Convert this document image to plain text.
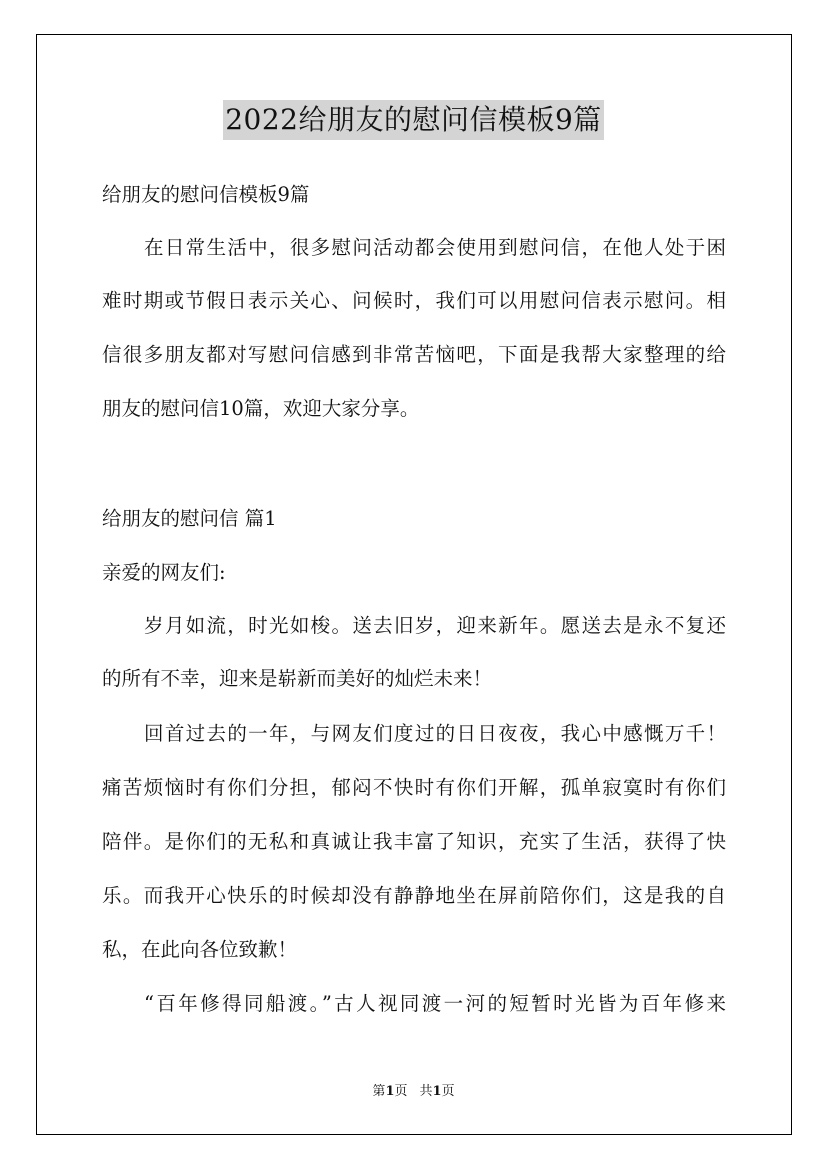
2022给朋友的慰问信模板9篇
给朋友的慰问信模板9篇
在日常生活中，很多慰问活动都会使用到慰问信，在他人处于困
难时期或节假日表示关心、问候时，我们可以用慰问信表示慰问。相
信很多朋友都对写慰问信感到非常苦恼吧，下面是我帮大家整理的给
朋友的慰问信10篇，欢迎大家分享。
给朋友的慰问信 篇1
亲爱的网友们:
岁月如流，时光如梭。送去旧岁，迎来新年。愿送去是永不复还
的所有不幸，迎来是崭新而美好的灿烂未来！
回首过去的一年，与网友们度过的日日夜夜，我心中感慨万千！
痛苦烦恼时有你们分担，郁闷不快时有你们开解，孤单寂寞时有你们
陪伴。是你们的无私和真诚让我丰富了知识，充实了生活，获得了快
乐。而我开心快乐的时候却没有静静地坐在屏前陪你们，这是我的自
私，在此向各位致歉！
“百年修得同船渡。”古人视同渡一河的短暂时光皆为百年修来
第1页 共1页
